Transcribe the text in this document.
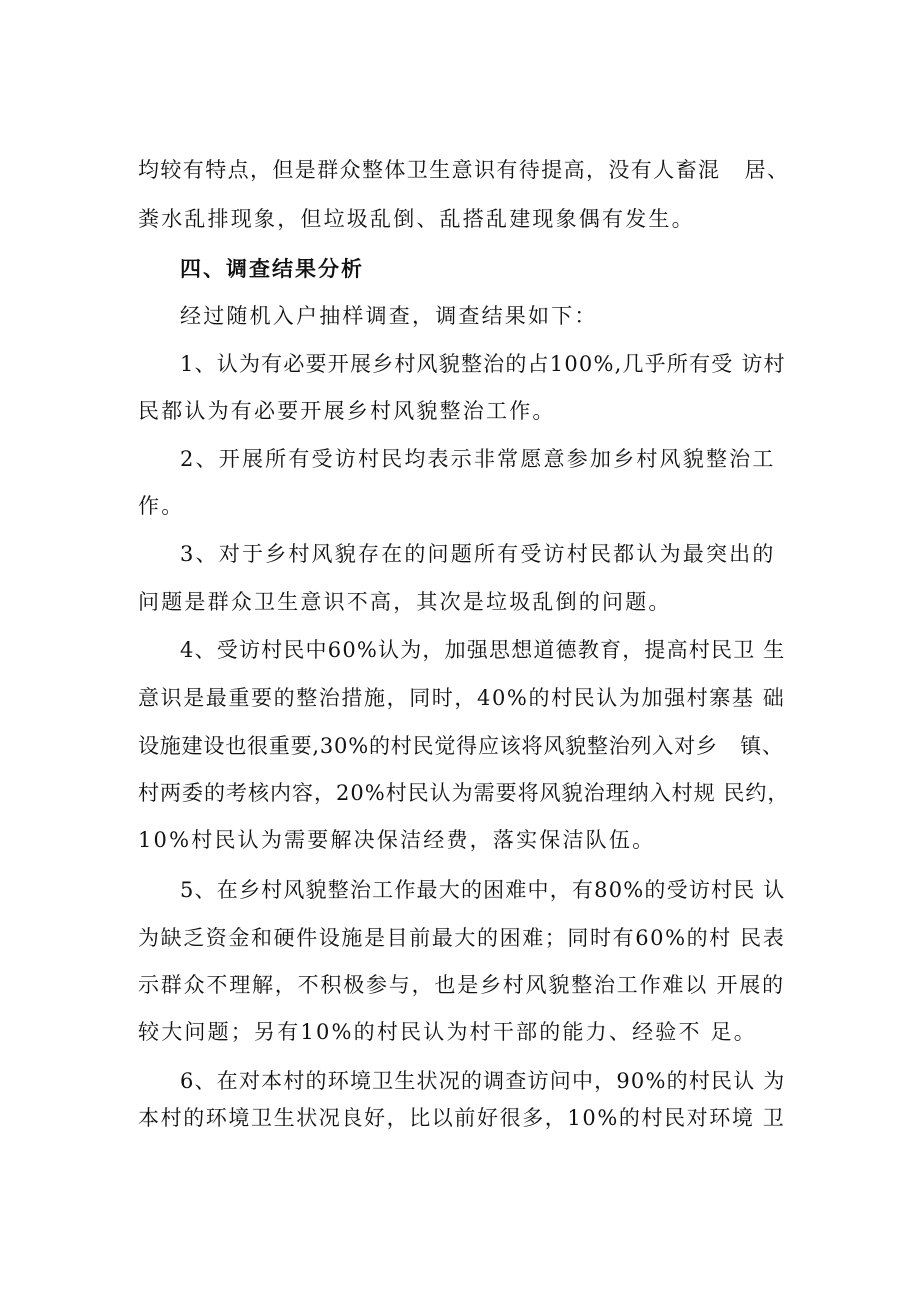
均较有特点，但是群众整体卫生意识有待提高，没有人畜混   居、
粪水乱排现象，但垃圾乱倒、乱搭乱建现象偶有发生。
四、调查结果分析
经过随机入户抽样调查，调查结果如下：
1、认为有必要开展乡村风貌整治的占100%,几乎所有受 访村
民都认为有必要开展乡村风貌整治工作。
2、开展所有受访村民均表示非常愿意参加乡村风貌整治工
作。
3、对于乡村风貌存在的问题所有受访村民都认为最突出的
问题是群众卫生意识不高，其次是垃圾乱倒的问题。
4、受访村民中60%认为，加强思想道德教育，提高村民卫 生
意识是最重要的整治措施，同时，40%的村民认为加强村寨基 础
设施建设也很重要,30%的村民觉得应该将风貌整治列入对乡   镇、
村两委的考核内容，20%村民认为需要将风貌治理纳入村规 民约，
10%村民认为需要解决保洁经费，落实保洁队伍。
5、在乡村风貌整治工作最大的困难中，有80%的受访村民 认
为缺乏资金和硬件设施是目前最大的困难；同时有60%的村 民表
示群众不理解，不积极参与，也是乡村风貌整治工作难以 开展的
较大问题；另有10%的村民认为村干部的能力、经验不 足。
6、在对本村的环境卫生状况的调查访问中，90%的村民认 为
本村的环境卫生状况良好，比以前好很多，10%的村民对环境 卫
